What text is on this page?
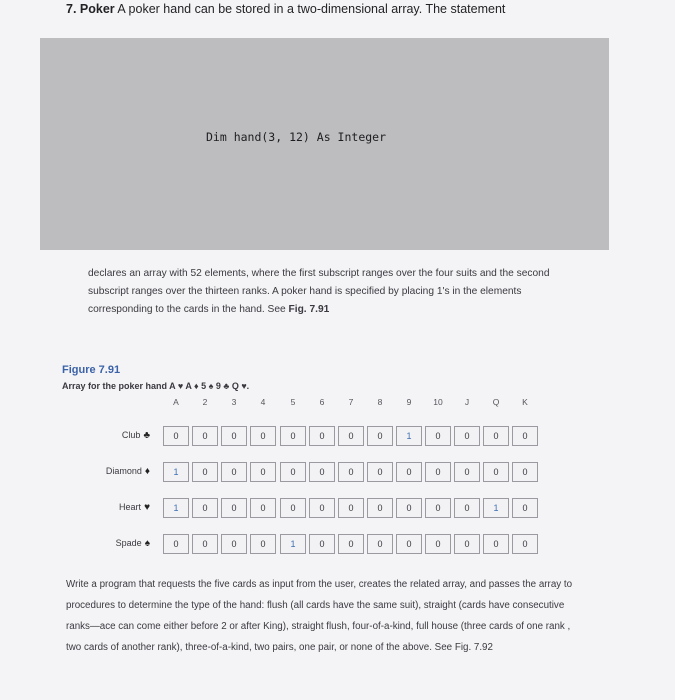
7. Poker A poker hand can be stored in a two-dimensional array. The statement
Dim hand(3, 12) As Integer
declares an array with 52 elements, where the first subscript ranges over the four suits and the second subscript ranges over the thirteen ranks. A poker hand is specified by placing 1's in the elements corresponding to the cards in the hand. See Fig. 7.91
Figure 7.91
Array for the poker hand A ♥ A ♦ 5 ♠ 9 ♣ Q ♥.
A	2	3	4	5	6	7	8	9	10	J	Q	K
Club ♣	0	0	0	0	0	0	0	0	1	0	0	0	0
Diamond ♦	1	0	0	0	0	0	0	0	0	0	0	0	0
Heart ♥	1	0	0	0	0	0	0	0	0	0	0	1	0
Spade ♠	0	0	0	0	1	0	0	0	0	0	0	0	0
Write a program that requests the five cards as input from the user, creates the related array, and passes the array to procedures to determine the type of the hand: flush (all cards have the same suit), straight (cards have consecutive ranks—ace can come either before 2 or after King), straight flush, four-of-a-kind, full house (three cards of one rank , two cards of another rank), three-of-a-kind, two pairs, one pair, or none of the above. See Fig. 7.92
